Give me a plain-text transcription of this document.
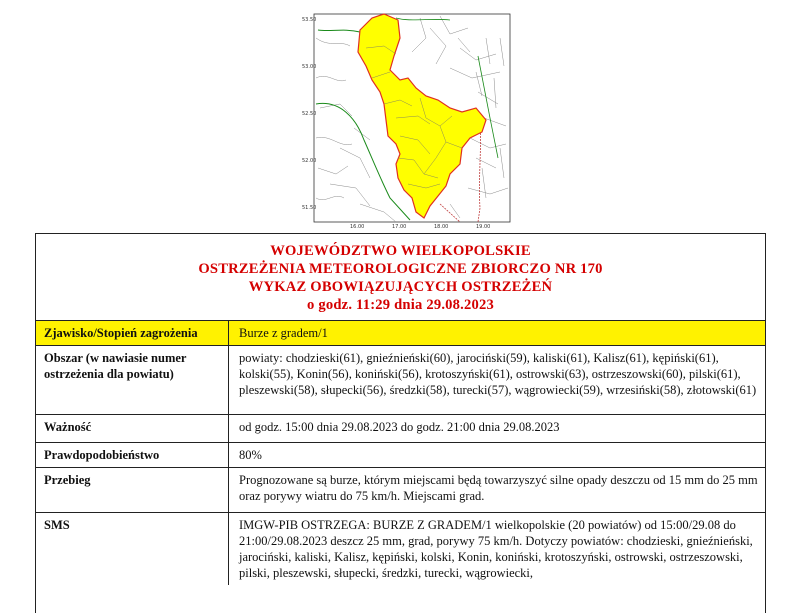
53.50
53.00
52.50
52.00
51.50
16.00	17.00	18.00	19.00
WOJEWÓDZTWO WIELKOPOLSKIE
OSTRZEŻENIA METEOROLOGICZNE ZBIORCZO NR 170
WYKAZ OBOWIĄZUJĄCYCH OSTRZEŻEŃ
o godz. 11:29 dnia 29.08.2023
Zjawisko/Stopień zagrożenia	Burze z gradem/1
Obszar (w nawiasie numer ostrzeżenia dla powiatu)	powiaty: chodzieski(61), gnieźnieński(60), jarociński(59), kaliski(61), Kalisz(61), kępiński(61), kolski(55), Konin(56), koniński(56), krotoszyński(61), ostrowski(63), ostrzeszowski(60), pilski(61), pleszewski(58), słupecki(56), średzki(58), turecki(57), wągrowiecki(59), wrzesiński(58), złotowski(61)
Ważność	od godz. 15:00 dnia 29.08.2023 do godz. 21:00 dnia 29.08.2023
Prawdopodobieństwo	80%
Przebieg	Prognozowane są burze, którym miejscami będą towarzyszyć silne opady deszczu od 15 mm do 25 mm oraz porywy wiatru do 75 km/h. Miejscami grad.
SMS	IMGW-PIB OSTRZEGA: BURZE Z GRADEM/1 wielkopolskie (20 powiatów) od 15:00/29.08 do 21:00/29.08.2023 deszcz 25 mm, grad, porywy 75 km/h. Dotyczy powiatów: chodzieski, gnieźnieński, jarociński, kaliski, Kalisz, kępiński, kolski, Konin, koniński, krotoszyński, ostrowski, ostrzeszowski, pilski, pleszewski, słupecki, średzki, turecki, wągrowiecki,
